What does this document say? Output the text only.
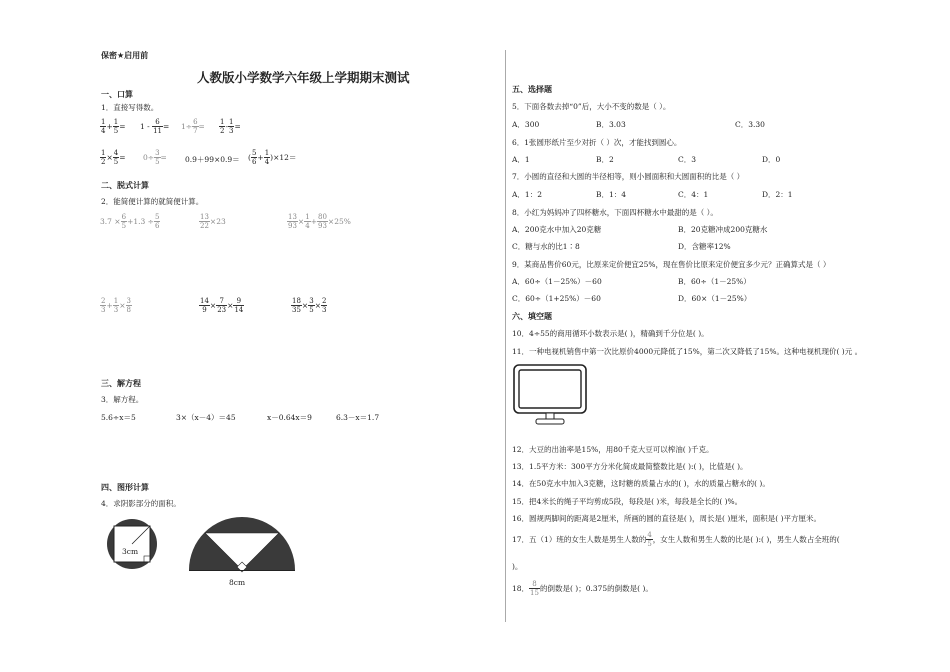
保密★启用前
人教版小学数学六年级上学期期末测试
一、口算
1．直接写得数。
$\frac{1}{4} + \frac{1}{5} = 1 - \frac{6}{11} = 1\div \frac{6}{7} = \frac{1}{2} - \frac{1}{3}$ =
$\frac{1}{2} \times \frac{4}{5} = 0\div \frac{3}{5} = 0.9+99\times 0.9=$ ( $\frac{5}{6} + \frac{1}{4} )\times 12=$
二、脱式计算
2．能简便计算的就简便计算。
$3.7 \times \frac{6}{5} +1.3 \div \frac{5}{6}$	$\frac{13}{22} \times 23$	$\frac{13}{93} \times \frac{1}{4} + \frac{80}{93} \times 25\%$
$\frac{2}{3} + \frac{1}{3} \times \frac{3}{8}$	$\frac{14}{9} \times \frac{7}{23} \times \frac{9}{14}$	$\frac{18}{35} \times \frac{3}{5} \times \frac{2}{3}$
三、解方程
3．解方程。
5.6÷x＝5	3×（x－4）＝45	x－0.64x＝9	6.3－x＝1.7
四、图形计算
4．求阴影部分的面积。
3cm
8cm
五、选择题
5．下面各数去掉“0”后，大小不变的数是（ ）。
A．300	B．3.03	C．3.30
6．1张圆形纸片至少对折（ ）次，才能找到圆心。
A．1	B．2	C．3	D．0
7．小圆的直径和大圆的半径相等，则小圆面积和大圆面积的比是（ ）
A．1：2	B．1：4	C．4：1	D．2：1
8．小红为妈妈冲了四杯糖水，下面四杯糖水中最甜的是（ ）。
A．200克水中加入20克糖	B．20克糖冲成200克糖水
C．糖与水的比1∶8	D．含糖率12%
9．某商品售价60元，比原来定价便宜25%，现在售价比原来定价便宜多少元？正确算式是（ ）
A．60÷（1－25%）－60	B．60÷（1－25%）
C．60÷（1+25%）－60	D．60×（1－25%）
六、填空题
10．4÷55的商用循环小数表示是( )，精确到千分位是( )。
11．一种电视机销售中第一次比原价4000元降低了15%，第二次又降低了15%。这种电视机现价( )元 。
12．大豆的出油率是15%，用80千克大豆可以榨油( )千克。
13．1.5平方米：300平方分米化简成最简整数比是( ):( )，比值是( )。
14．在50克水中加入3克糖，这时糖的质量占水的( )，水的质量占糖水的( )。
15．把4米长的绳子平均剪成5段，每段是( )米，每段是全长的( )%。
16．圆规两脚间的距离是2厘米，所画的圆的直径是( )，周长是( )厘米，面积是( )平方厘米。
17．五（1）班的女生人数是男生人数的 $\frac{4}{5}$ ，女生人数和男生人数的比是( ):( )，男生人数占全班的(
)。
18． $\frac{8}{15}$ 的倒数是( )；0.375的倒数是( )。
